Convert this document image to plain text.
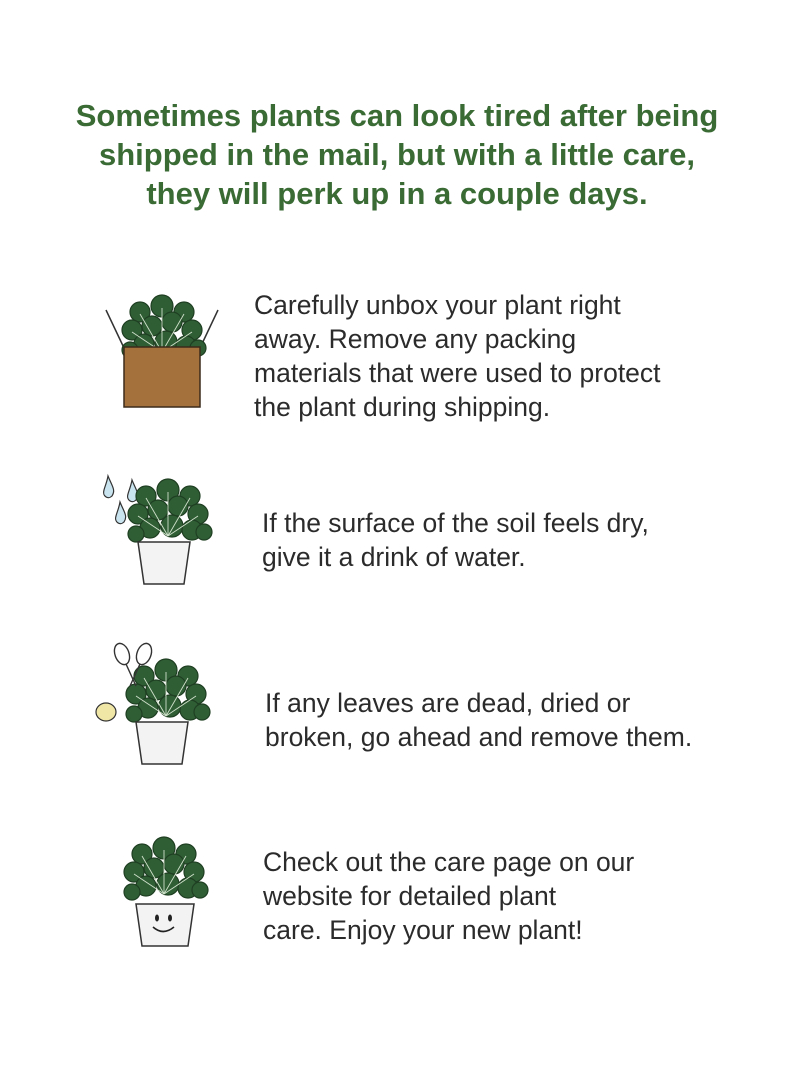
Sometimes plants can look tired after being
shipped in the mail, but with a little care,
they will perk up in a couple days.
Carefully unbox your plant right
away. Remove any packing
materials that were used to protect
the plant during shipping.
If the surface of the soil feels dry,
give it a drink of water.
If any leaves are dead, dried or
broken, go ahead and remove them.
Check out the care page on our
website for detailed plant
care. Enjoy your new plant!
